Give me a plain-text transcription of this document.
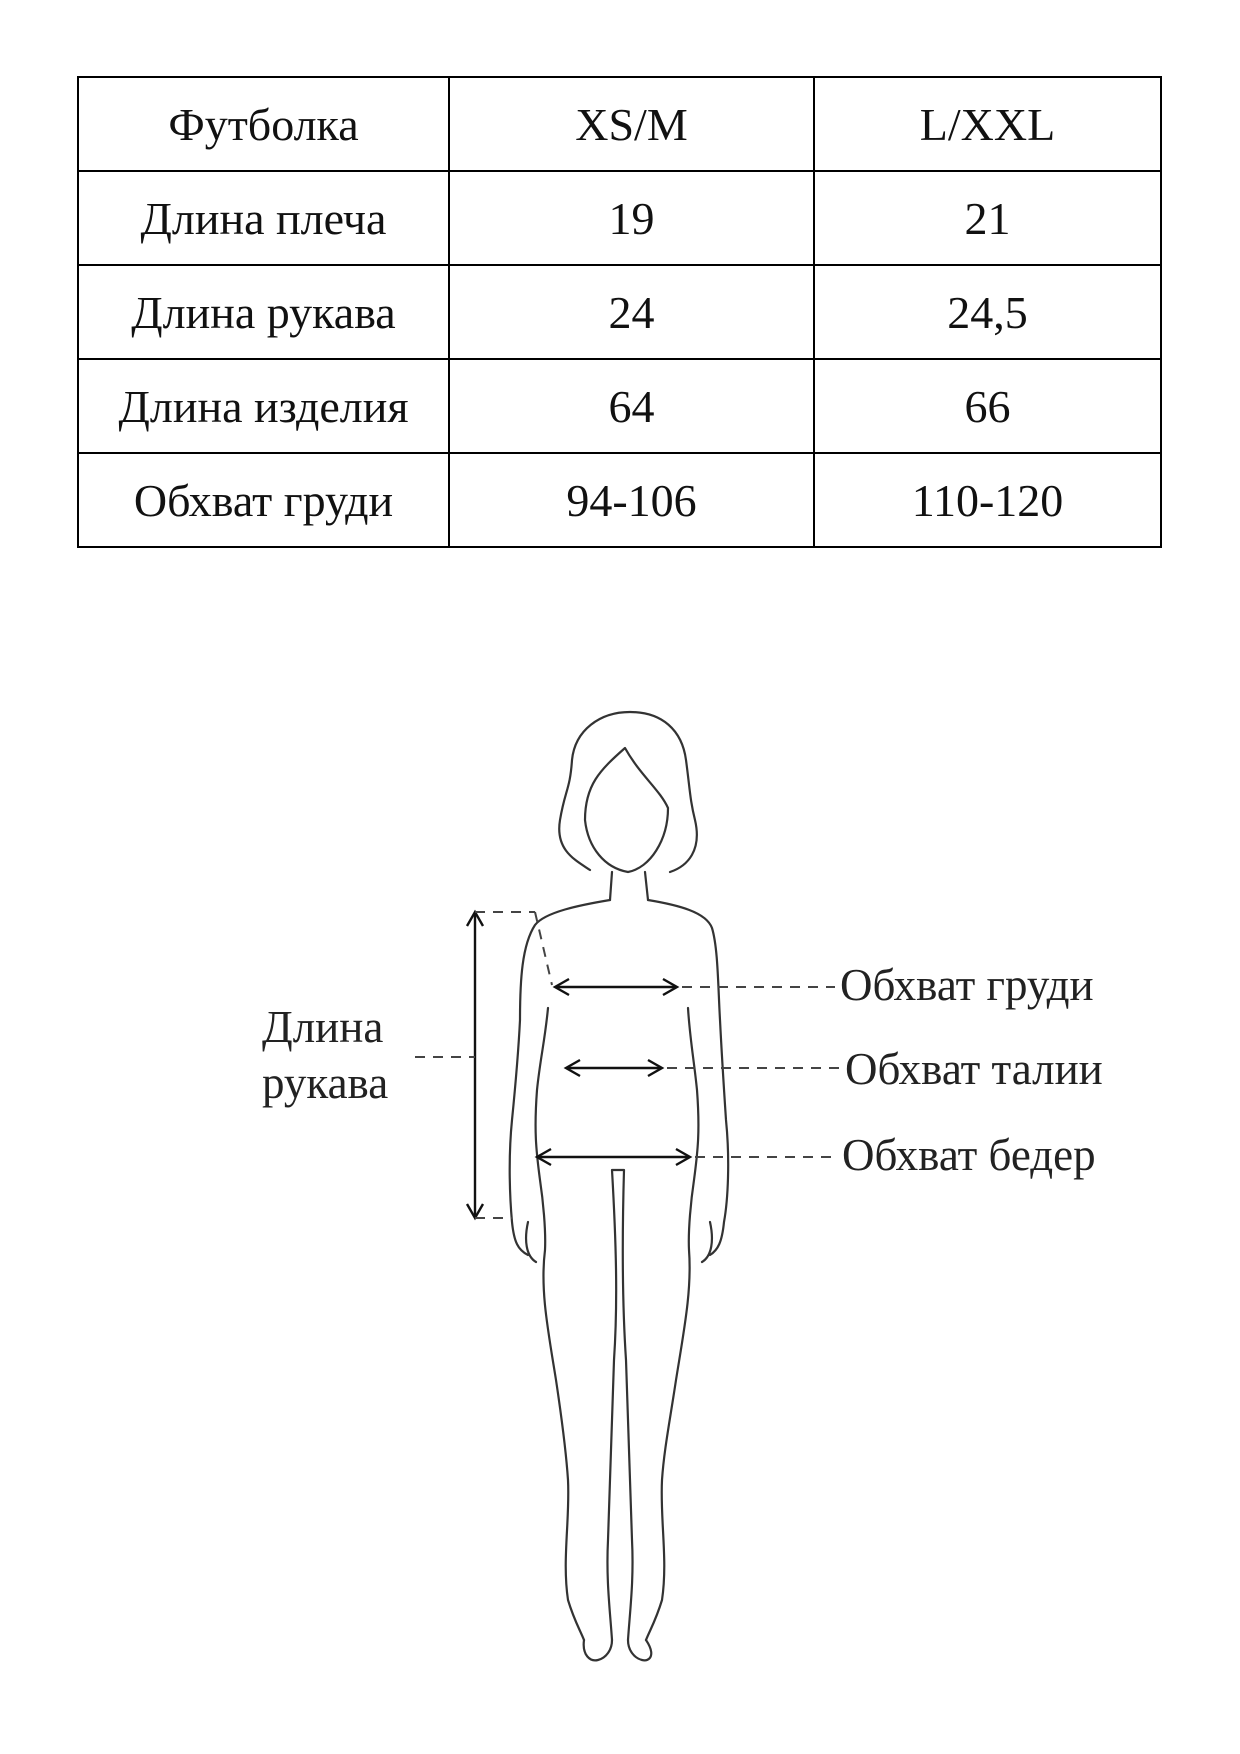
Футболка	XS/M	L/XXL
Длина плеча	19	21
Длина рукава	24	24,5
Длина изделия	64	66
Обхват груди	94-106	110-120
Длина
рукава
Обхват груди
Обхват талии
Обхват бедер
